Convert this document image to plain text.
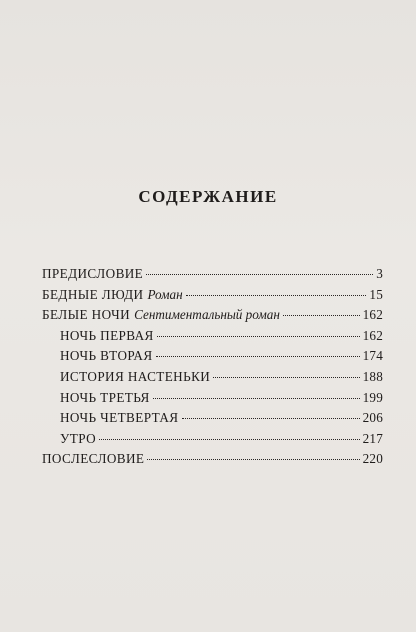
СОДЕРЖАНИЕ
ПРЕДИСЛОВИЕ	3
БЕДНЫЕ ЛЮДИ Роман	15
БЕЛЫЕ НОЧИ Сентиментальный роман	162
НОЧЬ ПЕРВАЯ	162
НОЧЬ ВТОРАЯ	174
ИСТОРИЯ НАСТЕНЬКИ	188
НОЧЬ ТРЕТЬЯ	199
НОЧЬ ЧЕТВЕРТАЯ	206
УТРО	217
ПОСЛЕСЛОВИЕ	220
